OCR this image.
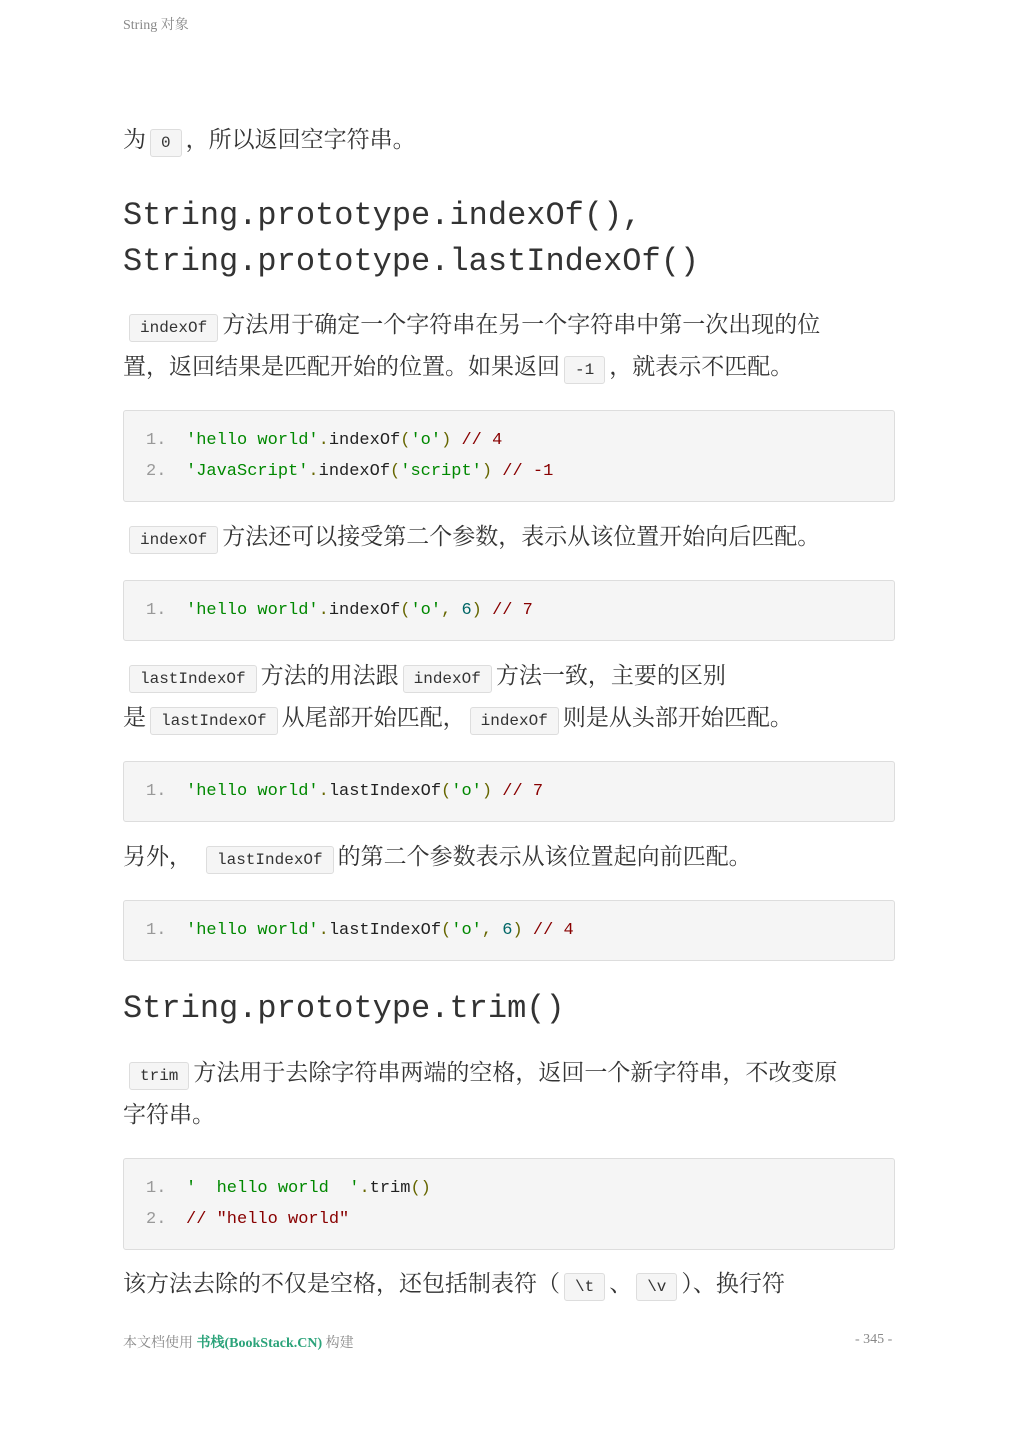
String 对象

为 0 ，所以返回空字符串。

String.prototype.indexOf(),
String.prototype.lastIndexOf()

indexOf 方法用于确定一个字符串在另一个字符串中第一次出现的位
置，返回结果是匹配开始的位置。如果返回 -1 ，就表示不匹配。

1. 'hello world'.indexOf('o') // 4
2. 'JavaScript'.indexOf('script') // -1

indexOf 方法还可以接受第二个参数，表示从该位置开始向后匹配。

1. 'hello world'.indexOf('o', 6) // 7

lastIndexOf 方法的用法跟 indexOf 方法一致，主要的区别
是 lastIndexOf 从尾部开始匹配， indexOf 则是从头部开始匹配。

1. 'hello world'.lastIndexOf('o') // 7

另外， lastIndexOf 的第二个参数表示从该位置起向前匹配。

1. 'hello world'.lastIndexOf('o', 6) // 4
String.prototype.trim()

trim 方法用于去除字符串两端的空格，返回一个新字符串，不改变原
字符串。

1. '  hello world  '.trim()
2. // "hello world"

该方法去除的不仅是空格，还包括制表符（ \t 、 \v ）、换行符

本文档使用 书栈(BookStack.CN) 构建	- 345 -
